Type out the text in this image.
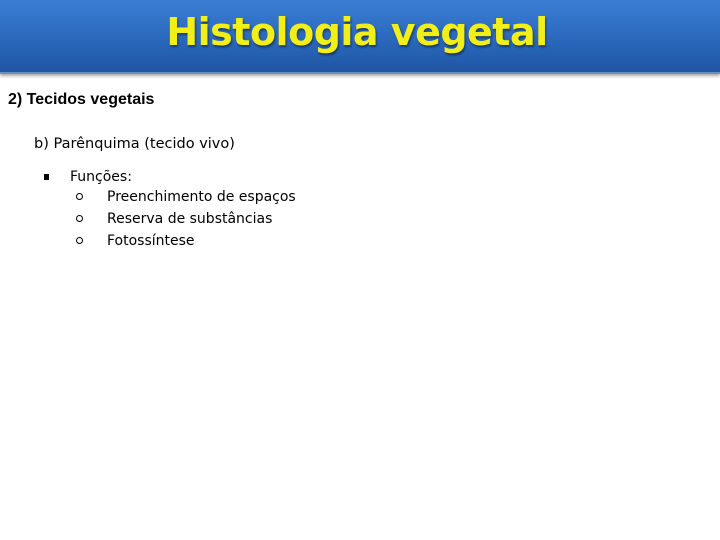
Histologia vegetal
2) Tecidos vegetais
b) Parênquima (tecido vivo)
Funções:
Preenchimento de espaços
Reserva de substâncias
Fotossíntese
